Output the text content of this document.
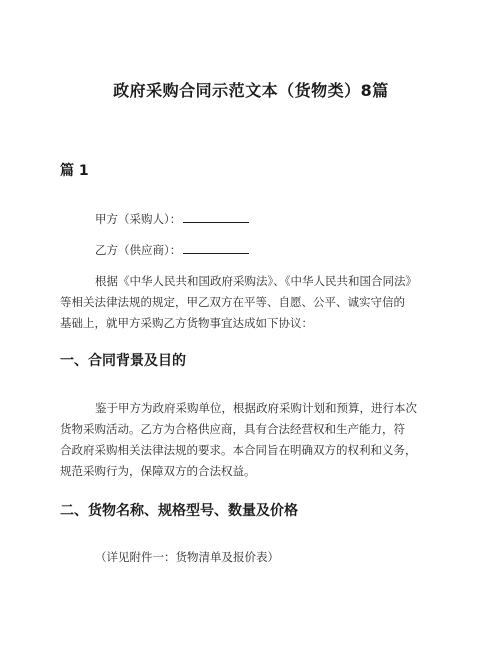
政府采购合同示范文本（货物类）8篇
篇 1
甲方（采购人）：
乙方（供应商）：
根据《中华人民共和国政府采购法》、《中华人民共和国合同法》
等相关法律法规的规定，甲乙双方在平等、自愿、公平、诚实守信的
基础上，就甲方采购乙方货物事宜达成如下协议：
一、合同背景及目的
鉴于甲方为政府采购单位，根据政府采购计划和预算，进行本次
货物采购活动。乙方为合格供应商，具有合法经营权和生产能力，符
合政府采购相关法律法规的要求。本合同旨在明确双方的权利和义务，
规范采购行为，保障双方的合法权益。
二、货物名称、规格型号、数量及价格
（详见附件一：货物清单及报价表）
